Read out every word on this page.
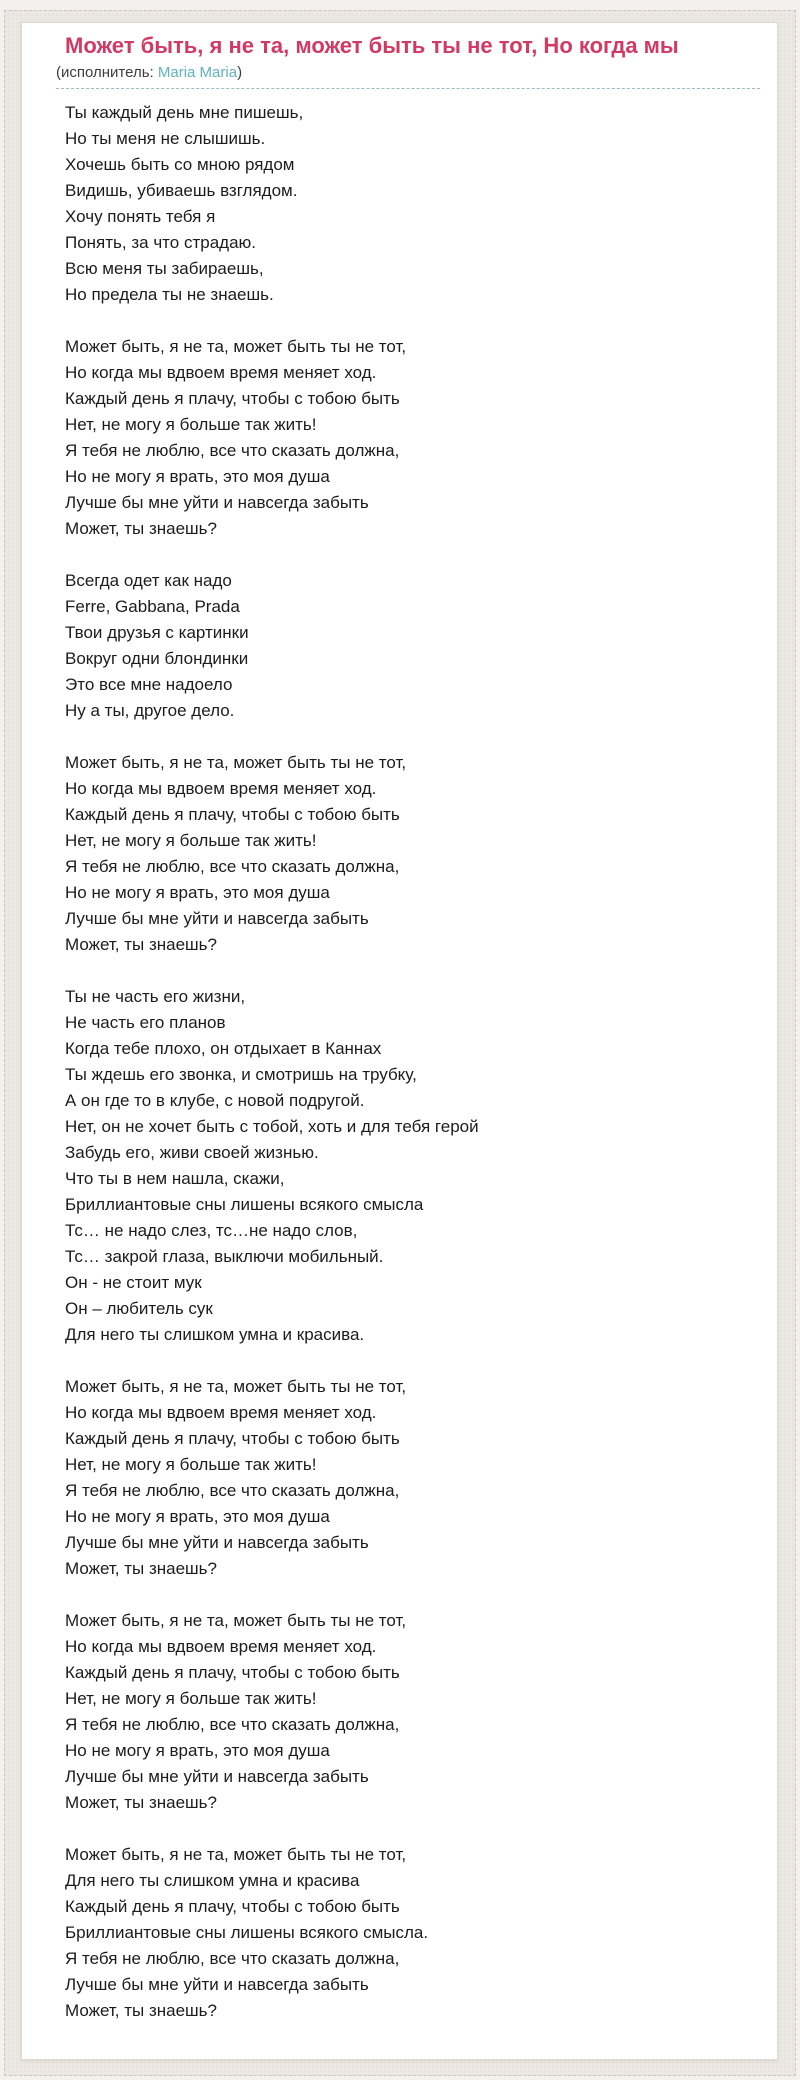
Может быть, я не та, может быть ты не тот, Но когда мы
(исполнитель: Maria Maria)

Ты каждый день мне пишешь,
Но ты меня не слышишь.
Хочешь быть со мною рядом
Видишь, убиваешь взглядом.
Хочу понять тебя я
Понять, за что страдаю.
Всю меня ты забираешь,
Но предела ты не знаешь.

Может быть, я не та, может быть ты не тот,
Но когда мы вдвоем время меняет ход.
Каждый день я плачу, чтобы с тобою быть
Нет, не могу я больше так жить!
Я тебя не люблю, все что сказать должна,
Но не могу я врать, это моя душа
Лучше бы мне уйти и навсегда забыть
Может, ты знаешь?

Всегда одет как надо
Ferre, Gabbana, Prada
Твои друзья с картинки
Вокруг одни блондинки
Это все мне надоело
Ну а ты, другое дело.

Может быть, я не та, может быть ты не тот,
Но когда мы вдвоем время меняет ход.
Каждый день я плачу, чтобы с тобою быть
Нет, не могу я больше так жить!
Я тебя не люблю, все что сказать должна,
Но не могу я врать, это моя душа
Лучше бы мне уйти и навсегда забыть
Может, ты знаешь?

Ты не часть его жизни,
Не часть его планов
Когда тебе плохо, он отдыхает в Каннах
Ты ждешь его звонка, и смотришь на трубку,
А он где то в клубе, с новой подругой.
Нет, он не хочет быть с тобой, хоть и для тебя герой
Забудь его, живи своей жизнью.
Что ты в нем нашла, скажи,
Бриллиантовые сны лишены всякого смысла
Тс… не надо слез, тс…не надо слов,
Тс… закрой глаза, выключи мобильный.
Он - не стоит мук
Он – любитель сук
Для него ты слишком умна и красива.

Может быть, я не та, может быть ты не тот,
Но когда мы вдвоем время меняет ход.
Каждый день я плачу, чтобы с тобою быть
Нет, не могу я больше так жить!
Я тебя не люблю, все что сказать должна,
Но не могу я врать, это моя душа
Лучше бы мне уйти и навсегда забыть
Может, ты знаешь?

Может быть, я не та, может быть ты не тот,
Но когда мы вдвоем время меняет ход.
Каждый день я плачу, чтобы с тобою быть
Нет, не могу я больше так жить!
Я тебя не люблю, все что сказать должна,
Но не могу я врать, это моя душа
Лучше бы мне уйти и навсегда забыть
Может, ты знаешь?

Может быть, я не та, может быть ты не тот,
Для него ты слишком умна и красива
Каждый день я плачу, чтобы с тобою быть
Бриллиантовые сны лишены всякого смысла.
Я тебя не люблю, все что сказать должна,
Лучше бы мне уйти и навсегда забыть
Может, ты знаешь?
